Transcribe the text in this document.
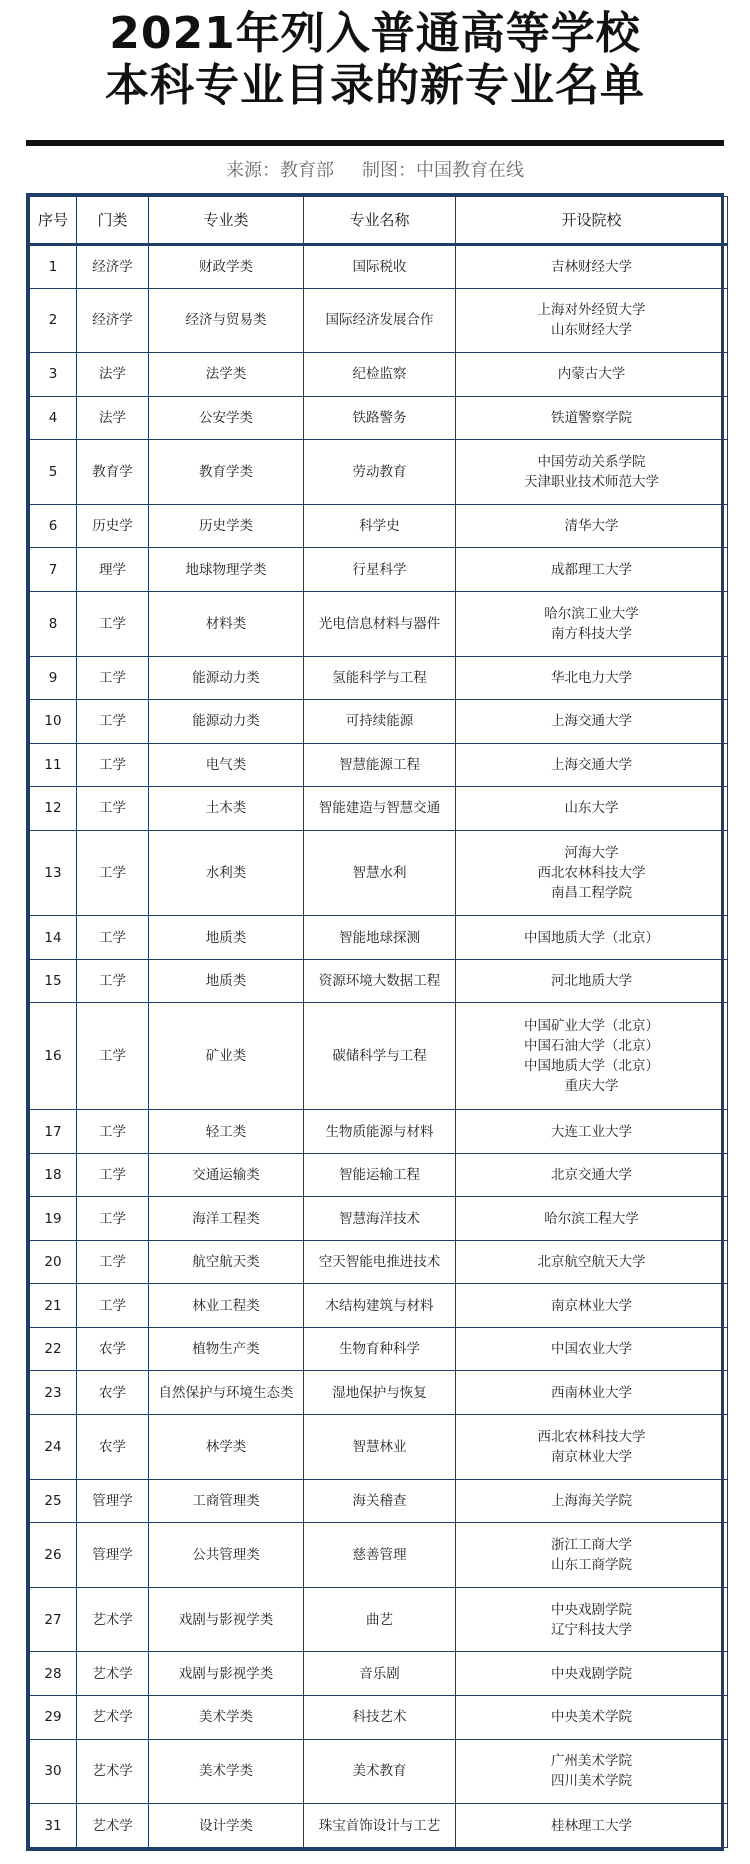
2021年列入普通高等学校
本科专业目录的新专业名单
来源：教育部 制图：中国教育在线
序号	门类	专业类	专业名称	开设院校
1	经济学	财政学类	国际税收	吉林财经大学

2	经济学	经济与贸易类	国际经济发展合作	上海对外经贸大学
山东财经大学

3	法学	法学类	纪检监察	内蒙古大学

4	法学	公安学类	铁路警务	铁道警察学院

5	教育学	教育学类	劳动教育	中国劳动关系学院
天津职业技术师范大学

6	历史学	历史学类	科学史	清华大学

7	理学	地球物理学类	行星科学	成都理工大学

8	工学	材料类	光电信息材料与器件	哈尔滨工业大学
南方科技大学

9	工学	能源动力类	氢能科学与工程	华北电力大学

10	工学	能源动力类	可持续能源	上海交通大学

11	工学	电气类	智慧能源工程	上海交通大学

12	工学	土木类	智能建造与智慧交通	山东大学

13	工学	水利类	智慧水利	河海大学
西北农林科技大学
南昌工程学院

14	工学	地质类	智能地球探测	中国地质大学（北京）

15	工学	地质类	资源环境大数据工程	河北地质大学

16	工学	矿业类	碳储科学与工程	中国矿业大学（北京）
中国石油大学（北京）
中国地质大学（北京）
重庆大学

17	工学	轻工类	生物质能源与材料	大连工业大学

18	工学	交通运输类	智能运输工程	北京交通大学

19	工学	海洋工程类	智慧海洋技术	哈尔滨工程大学

20	工学	航空航天类	空天智能电推进技术	北京航空航天大学

21	工学	林业工程类	木结构建筑与材料	南京林业大学

22	农学	植物生产类	生物育种科学	中国农业大学

23	农学	自然保护与环境生态类	湿地保护与恢复	西南林业大学

24	农学	林学类	智慧林业	西北农林科技大学
南京林业大学

25	管理学	工商管理类	海关稽查	上海海关学院

26	管理学	公共管理类	慈善管理	浙江工商大学
山东工商学院

27	艺术学	戏剧与影视学类	曲艺	中央戏剧学院
辽宁科技大学

28	艺术学	戏剧与影视学类	音乐剧	中央戏剧学院

29	艺术学	美术学类	科技艺术	中央美术学院

30	艺术学	美术学类	美术教育	广州美术学院
四川美术学院

31	艺术学	设计学类	珠宝首饰设计与工艺	桂林理工大学
